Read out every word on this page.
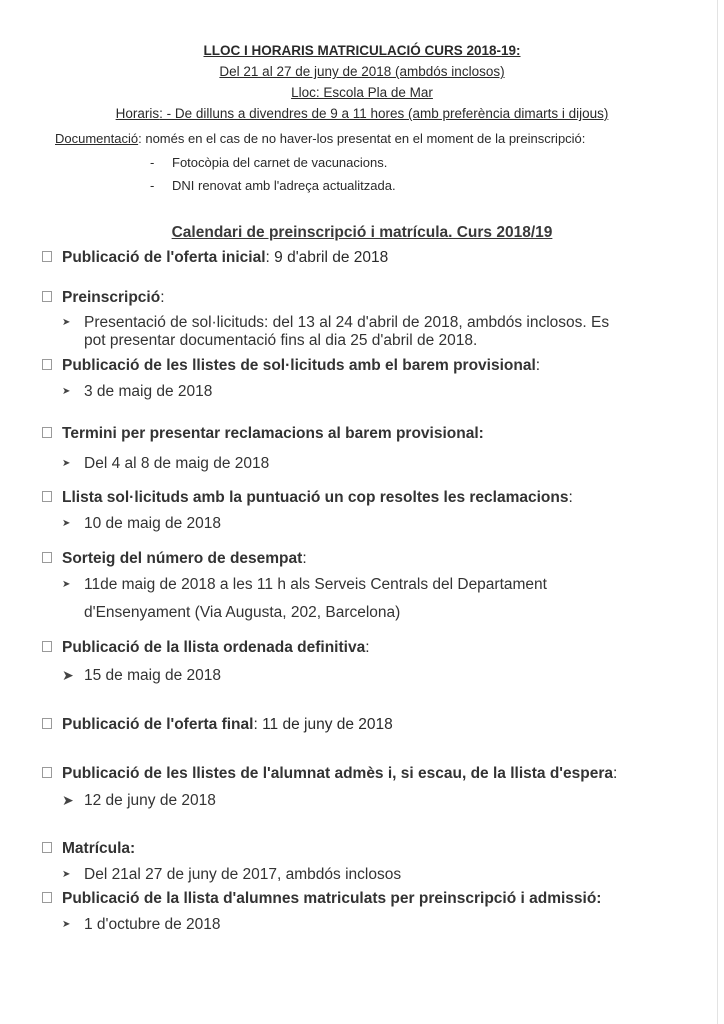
LLOC I HORARIS MATRICULACIÓ CURS 2018-19:
Del 21 al 27 de juny de 2018 (ambdós inclosos)
Lloc: Escola Pla de Mar
Horaris: - De dilluns a divendres de 9 a 11 hores (amb preferència dimarts i dijous)
Documentació: només en el cas de no haver-los presentat en el moment de la preinscripció:
- Fotocòpia del carnet de vacunacions.
- DNI renovat amb l'adreça actualitzada.
Calendari de preinscripció i matrícula. Curs 2018/19
Publicació de l'oferta inicial: 9 d'abril de 2018
Preinscripció:
➤ Presentació de sol·licituds: del 13 al 24 d'abril de 2018, ambdós inclosos. Es
pot presentar documentació fins al dia 25 d'abril de 2018.
Publicació de les llistes de sol·licituds amb el barem provisional:
➤ 3 de maig de 2018
Termini per presentar reclamacions al barem provisional:
➤ Del 4 al 8 de maig de 2018
Llista sol·licituds amb la puntuació un cop resoltes les reclamacions:
➤ 10 de maig de 2018
Sorteig del número de desempat:
➤ 11de maig de 2018 a les 11 h als Serveis Centrals del Departament
d'Ensenyament (Via Augusta, 202, Barcelona)
Publicació de la llista ordenada definitiva:
➤ 15 de maig de 2018
Publicació de l'oferta final: 11 de juny de 2018
Publicació de les llistes de l'alumnat admès i, si escau, de la llista d'espera:
➤ 12 de juny de 2018
Matrícula:
➤ Del 21al 27 de juny de 2017, ambdós inclosos
Publicació de la llista d'alumnes matriculats per preinscripció i admissió:
➤ 1 d'octubre de 2018
